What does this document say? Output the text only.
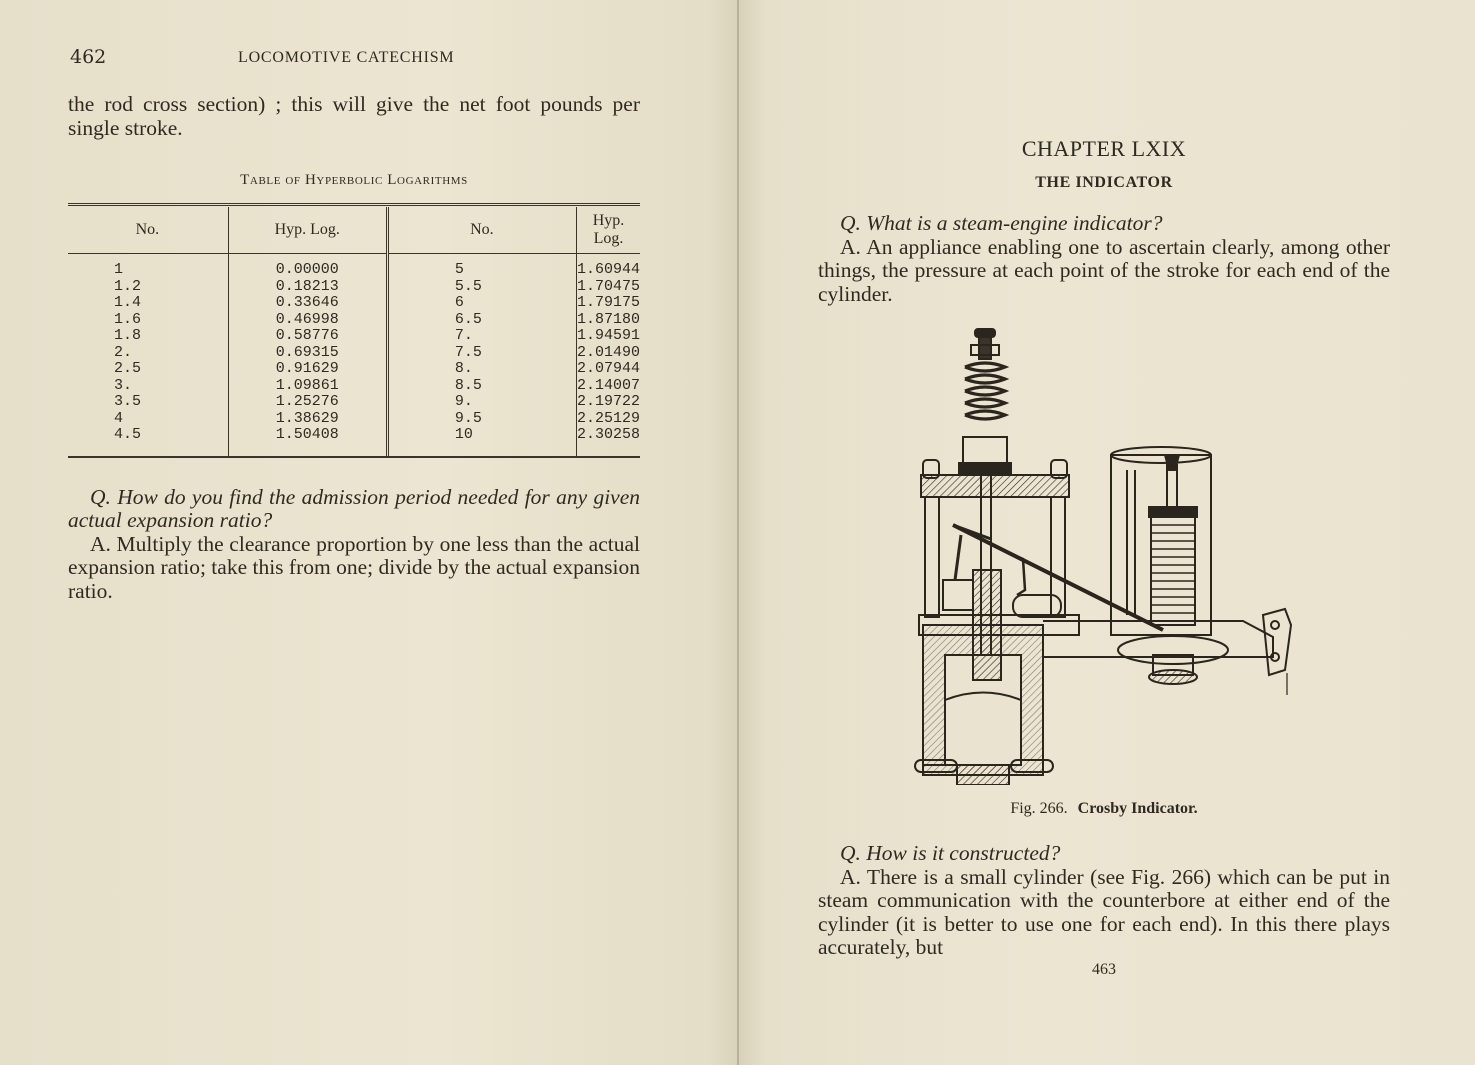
462	LOCOMOTIVE CATECHISM

the rod cross section) ; this will give the net foot pounds per single stroke.

Table of Hyperbolic Logarithms
No.	Hyp. Log.	No.	Hyp. Log.
1	0.00000	5	1.60944
1.2	0.18213	5.5	1.70475
1.4	0.33646	6	1.79175
1.6	0.46998	6.5	1.87180
1.8	0.58776	7.	1.94591
2.	0.69315	7.5	2.01490
2.5	0.91629	8.	2.07944
3.	1.09861	8.5	2.14007
3.5	1.25276	9.	2.19722
4	1.38629	9.5	2.25129
4.5	1.50408	10	2.30258

Q. How do you find the admission period needed for any given actual expansion ratio?

A. Multiply the clearance proportion by one less than the actual expansion ratio; take this from one; divide by the actual expansion ratio.

CHAPTER LXIX
THE INDICATOR

Q. What is a steam-engine indicator?

A. An appliance enabling one to ascertain clearly, among other things, the pressure at each point of the stroke for each end of the cylinder.

Fig. 266. Crosby Indicator.

Q. How is it constructed?

A. There is a small cylinder (see Fig. 266) which can be put in steam communication with the counterbore at either end of the cylinder (it is better to use one for each end). In this there plays accurately, but

463
